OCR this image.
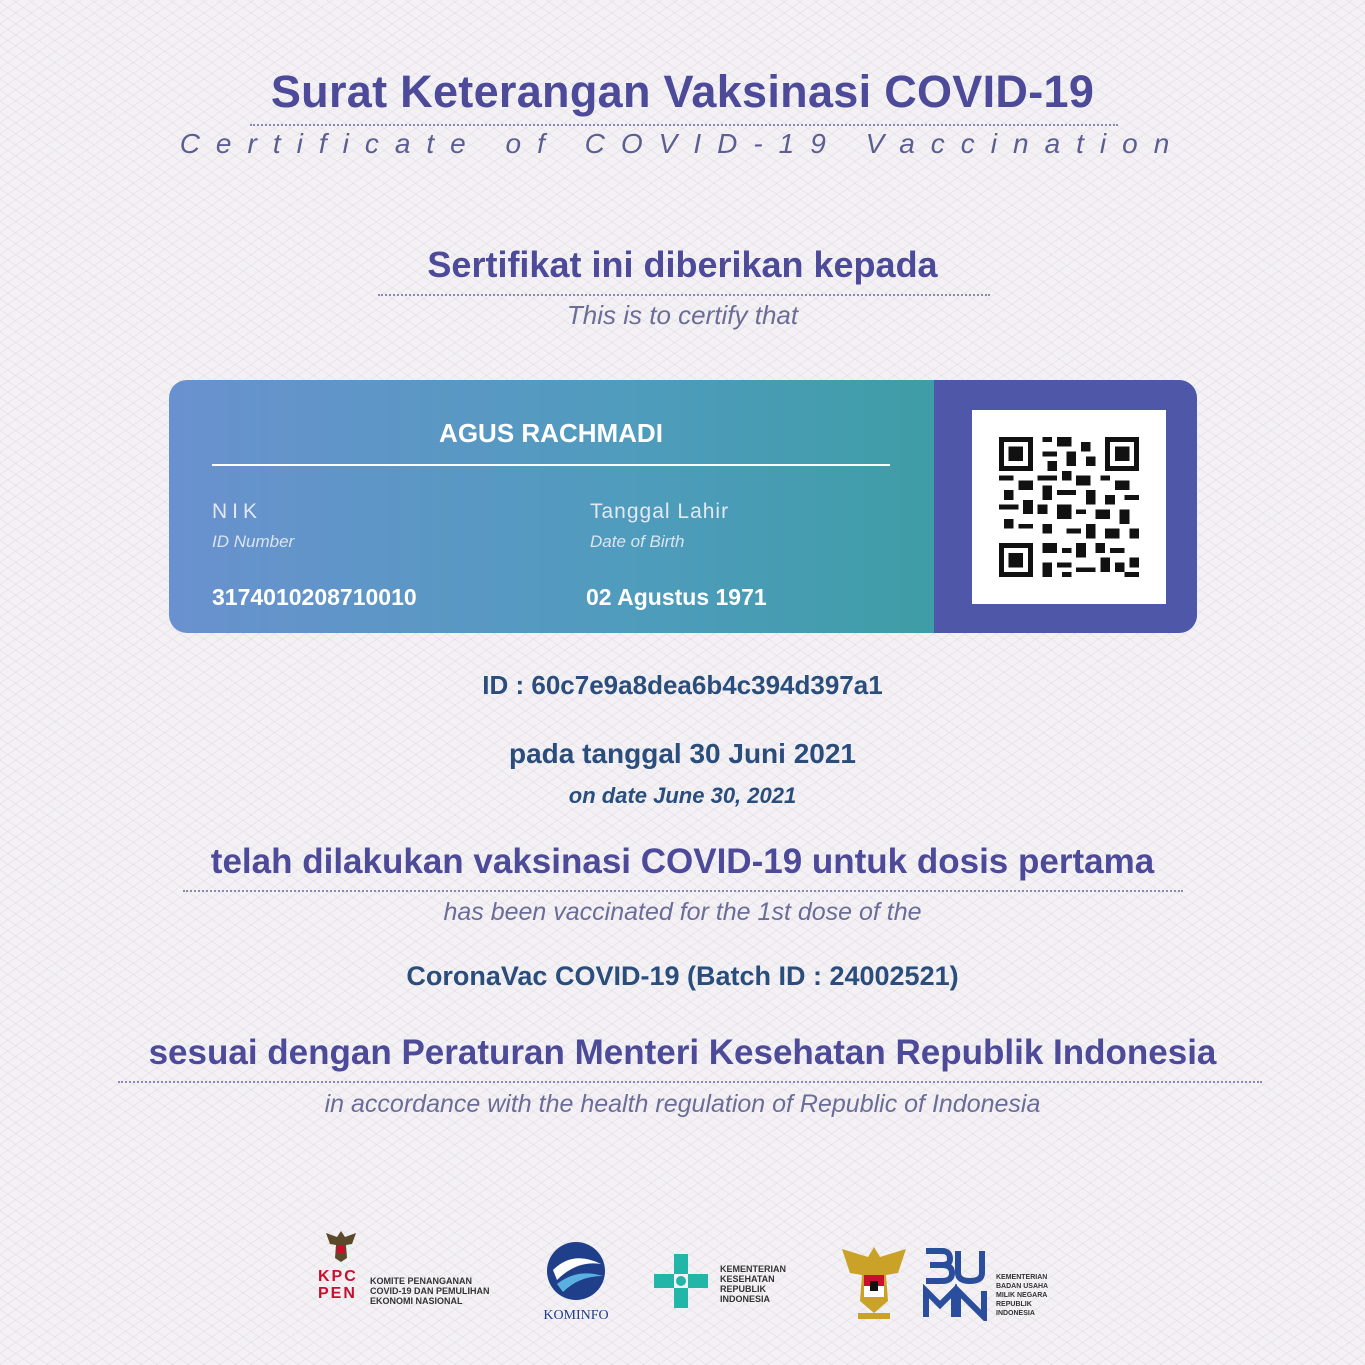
Surat Keterangan Vaksinasi COVID-19
Certificate of COVID-19 Vaccination
Sertifikat ini diberikan kepada
This is to certify that
AGUS RACHMADI
NIK
ID Number
3174010208710010
Tanggal Lahir
Date of Birth
02 Agustus 1971
ID : 60c7e9a8dea6b4c394d397a1
pada tanggal 30 Juni 2021
on date June 30, 2021
telah dilakukan vaksinasi COVID-19 untuk dosis pertama
has been vaccinated for the 1st dose of the
CoronaVac COVID-19 (Batch ID : 24002521)
sesuai dengan Peraturan Menteri Kesehatan Republik Indonesia
in accordance with the health regulation of Republic of Indonesia
KPC
PEN
KOMITE PENANGANAN
COVID-19 DAN PEMULIHAN
EKONOMI NASIONAL
KOMINFO
KEMENTERIAN
KESEHATAN
REPUBLIK
INDONESIA
KEMENTERIAN
BADAN USAHA
MILIK NEGARA
REPUBLIK
INDONESIA
